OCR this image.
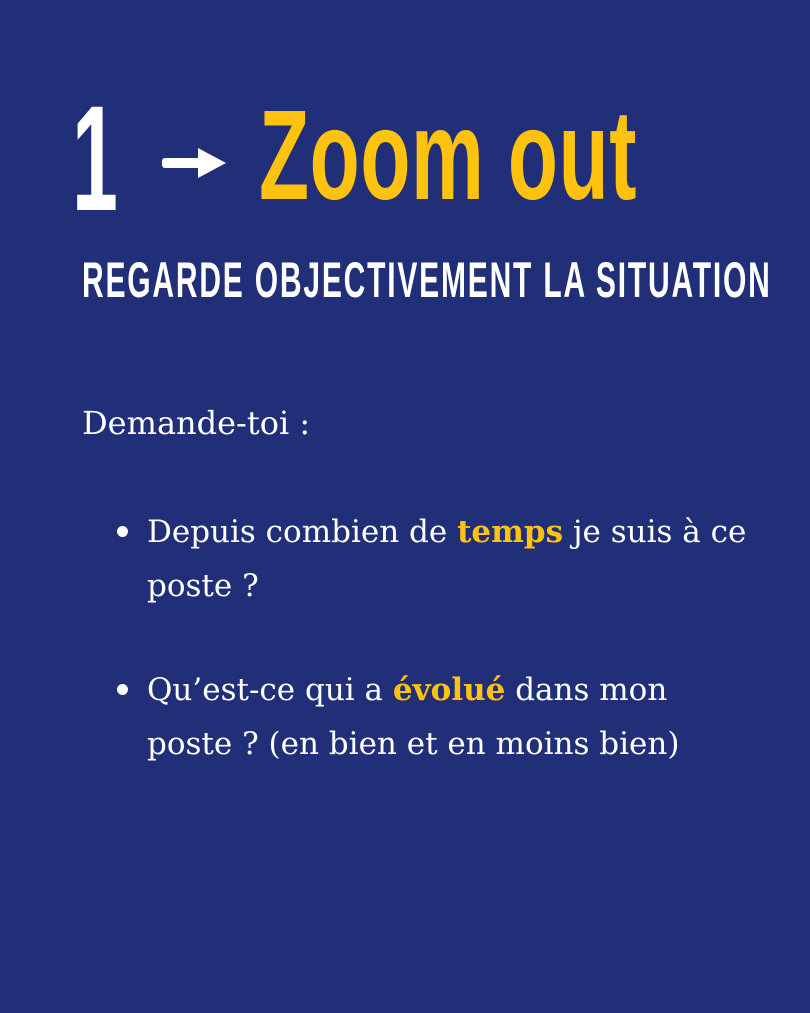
1 Zoom out
REGARDE OBJECTIVEMENT LA SITUATION
Demande-toi :
Depuis combien de temps je suis à ce poste ?
Qu’est-ce qui a évolué dans mon poste ? (en bien et en moins bien)
